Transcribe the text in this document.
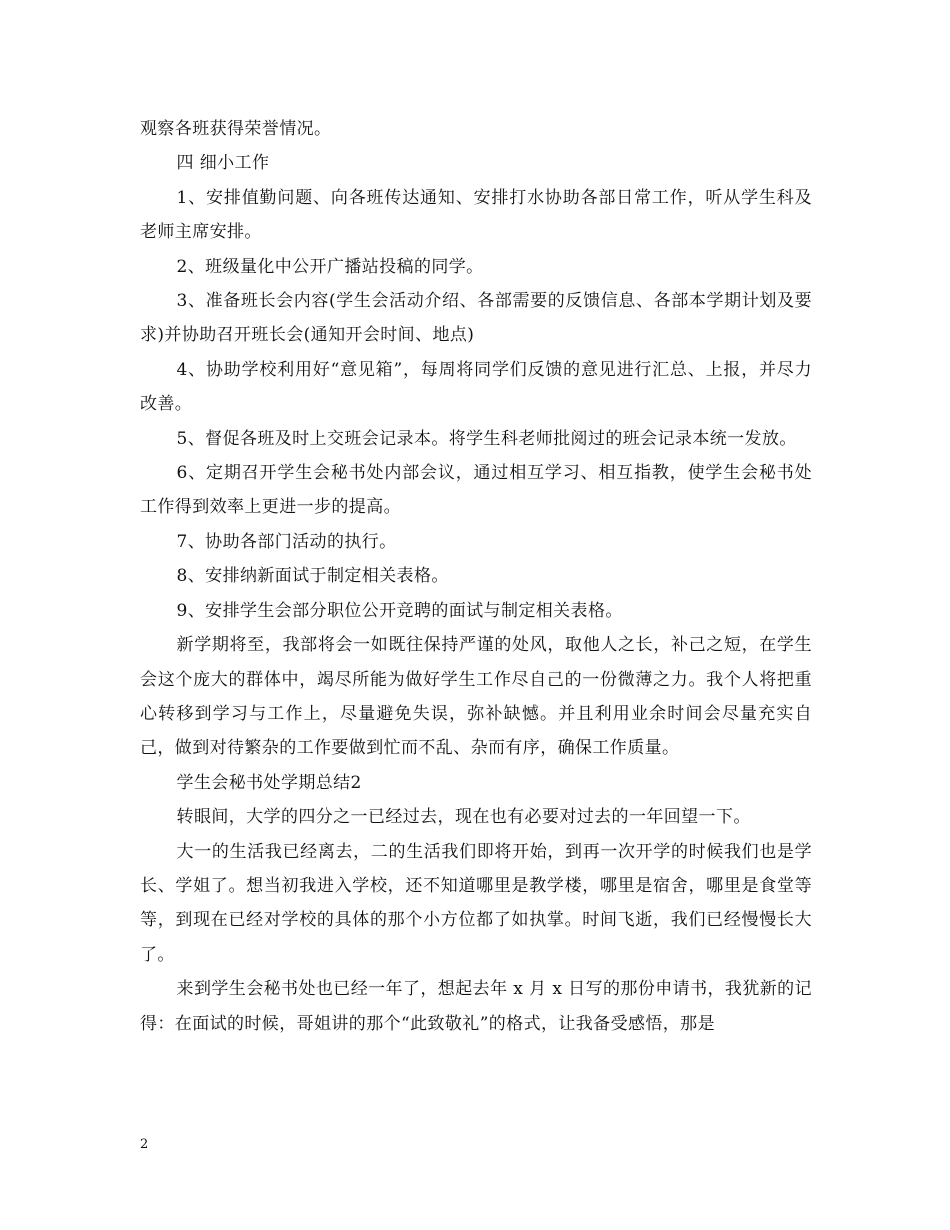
观察各班获得荣誉情况。

四 细小工作

1、安排值勤问题、向各班传达通知、安排打水协助各部日常工作，听从学生科及老师主席安排。

2、班级量化中公开广播站投稿的同学。

3、准备班长会内容(学生会活动介绍、各部需要的反馈信息、各部本学期计划及要求)并协助召开班长会(通知开会时间、地点)

4、协助学校利用好“意见箱”，每周将同学们反馈的意见进行汇总、上报，并尽力改善。

5、督促各班及时上交班会记录本。将学生科老师批阅过的班会记录本统一发放。

6、定期召开学生会秘书处内部会议，通过相互学习、相互指教，使学生会秘书处工作得到效率上更进一步的提高。

7、协助各部门活动的执行。

8、安排纳新面试于制定相关表格。

9、安排学生会部分职位公开竞聘的面试与制定相关表格。

新学期将至，我部将会一如既往保持严谨的处风，取他人之长，补己之短，在学生会这个庞大的群体中，竭尽所能为做好学生工作尽自己的一份微薄之力。我个人将把重心转移到学习与工作上，尽量避免失误，弥补缺憾。并且利用业余时间会尽量充实自己，做到对待繁杂的工作要做到忙而不乱、杂而有序，确保工作质量。

学生会秘书处学期总结2

转眼间，大学的四分之一已经过去，现在也有必要对过去的一年回望一下。

大一的生活我已经离去，二的生活我们即将开始，到再一次开学的时候我们也是学长、学姐了。想当初我进入学校，还不知道哪里是教学楼，哪里是宿舍，哪里是食堂等等，到现在已经对学校的具体的那个小方位都了如执掌。时间飞逝，我们已经慢慢长大了。

来到学生会秘书处也已经一年了，想起去年 x 月 x 日写的那份申请书，我犹新的记得：在面试的时候，哥姐讲的那个“此致敬礼”的格式，让我备受感悟，那是

2
